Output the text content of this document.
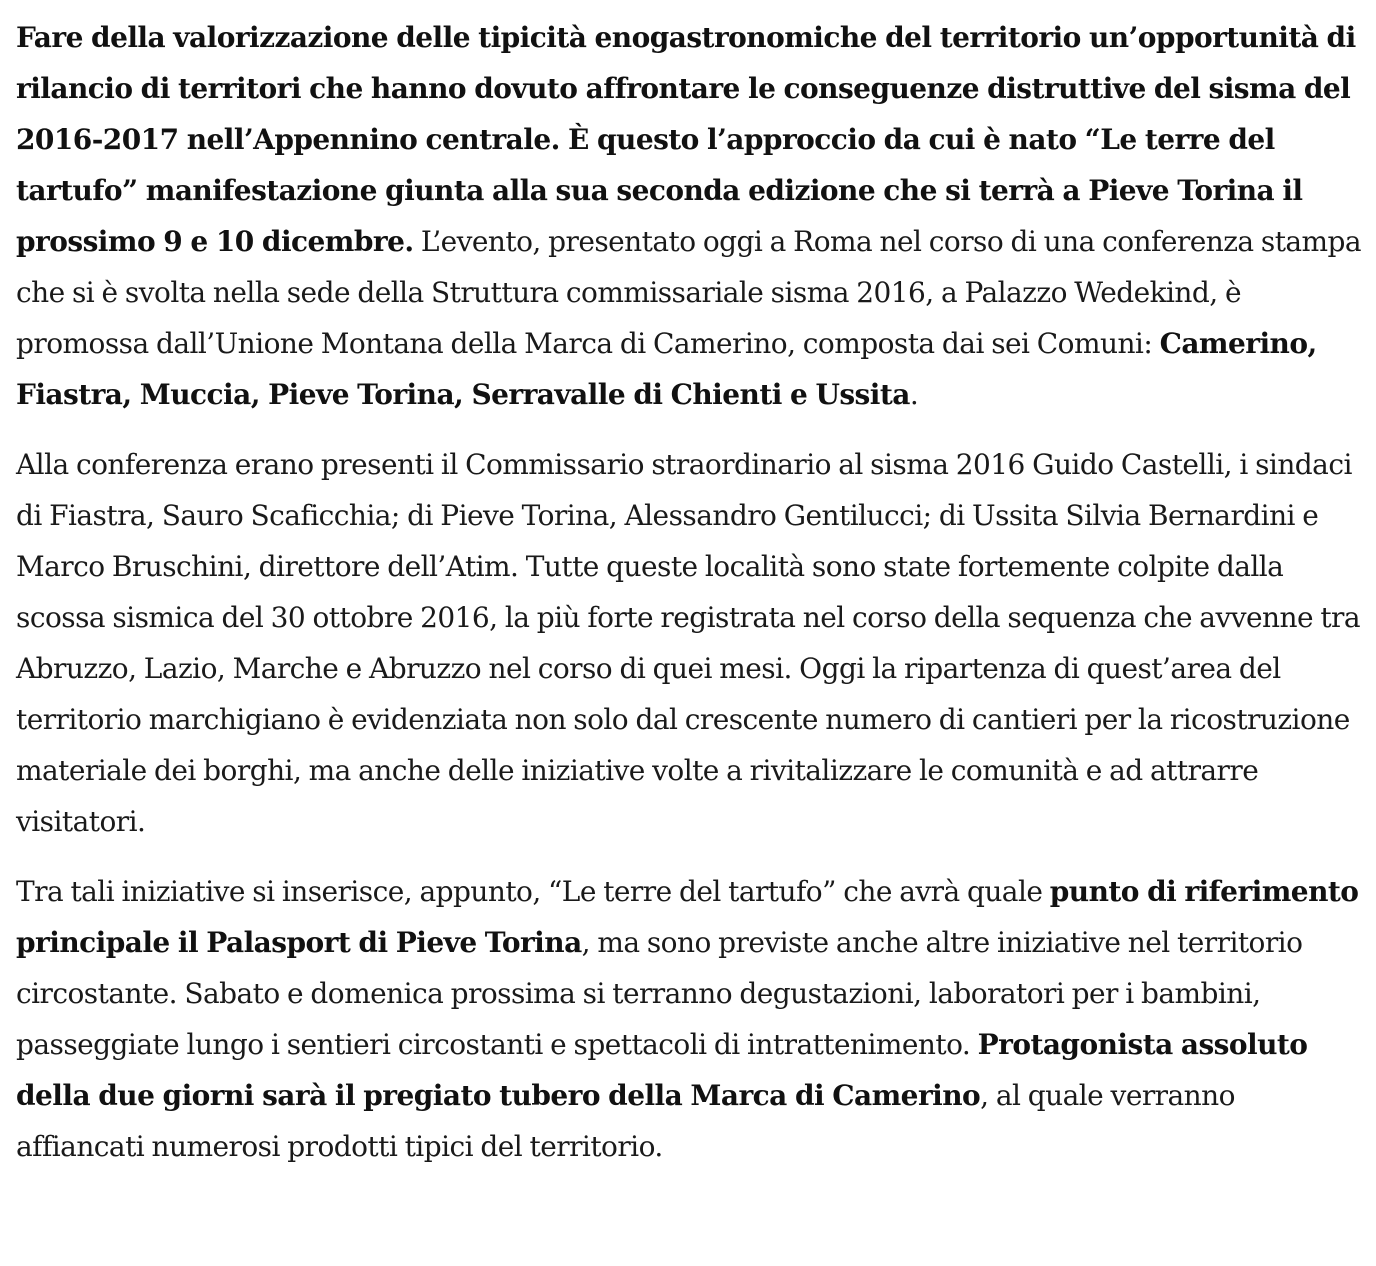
Fare della valorizzazione delle tipicità enogastronomiche del territorio un’opportunità di rilancio di territori che hanno dovuto affrontare le conseguenze distruttive del sisma del 2016-2017 nell’Appennino centrale. È questo l’approccio da cui è nato “Le terre del tartufo” manifestazione giunta alla sua seconda edizione che si terrà a Pieve Torina il prossimo 9 e 10 dicembre. L’evento, presentato oggi a Roma nel corso di una conferenza stampa che si è svolta nella sede della Struttura commissariale sisma 2016, a Palazzo Wedekind, è promossa dall’Unione Montana della Marca di Camerino, composta dai sei Comuni: Camerino, Fiastra, Muccia, Pieve Torina, Serravalle di Chienti e Ussita.

Alla conferenza erano presenti il Commissario straordinario al sisma 2016 Guido Castelli, i sindaci di Fiastra, Sauro Scaficchia; di Pieve Torina, Alessandro Gentilucci; di Ussita Silvia Bernardini e Marco Bruschini, direttore dell’Atim. Tutte queste località sono state fortemente colpite dalla scossa sismica del 30 ottobre 2016, la più forte registrata nel corso della sequenza che avvenne tra Abruzzo, Lazio, Marche e Abruzzo nel corso di quei mesi. Oggi la ripartenza di quest’area del territorio marchigiano è evidenziata non solo dal crescente numero di cantieri per la ricostruzione materiale dei borghi, ma anche delle iniziative volte a rivitalizzare le comunità e ad attrarre visitatori.

Tra tali iniziative si inserisce, appunto, “Le terre del tartufo” che avrà quale punto di riferimento principale il Palasport di Pieve Torina, ma sono previste anche altre iniziative nel territorio circostante. Sabato e domenica prossima si terranno degustazioni, laboratori per i bambini, passeggiate lungo i sentieri circostanti e spettacoli di intrattenimento. Protagonista assoluto della due giorni sarà il pregiato tubero della Marca di Camerino, al quale verranno affiancati numerosi prodotti tipici del territorio.
